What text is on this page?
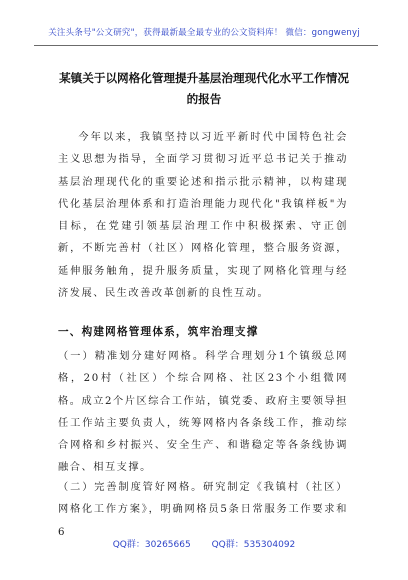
关注头条号"公文研究"，获得最新最全最专业的公文资料库！ 微信：gongwenyj
某镇关于以网格化管理提升基层治理现代化水平工作情况
的报告
今年以来，我镇坚持以习近平新时代中国特色社会主义思想为指导，全面学习贯彻习近平总书记关于推动基层治理现代化的重要论述和指示批示精神，以构建现代化基层治理体系和打造治理能力现代化"我镇样板"为目标，在党建引领基层治理工作中积极探索、守正创新，不断完善村（社区）网格化管理，整合服务资源，延伸服务触角，提升服务质量，实现了网格化管理与经济发展、民生改善改革创新的良性互动。
一、构建网格管理体系，筑牢治理支撑
（一）精准划分建好网格。科学合理划分1个镇级总网格，20村（社区）个综合网格、社区23个小组微网格。成立2个片区综合工作站，镇党委、政府主要领导担任工作站主要负责人，统筹网格内各条线工作，推动综合网格和乡村振兴、安全生产、和谐稳定等各条线协调融合、相互支撑。
（二）完善制度管好网格。研究制定《我镇村（社区）网格化工作方案》，明确网格员5条日常服务工作要求和6
QQ群：30265665 QQ群：535304092
